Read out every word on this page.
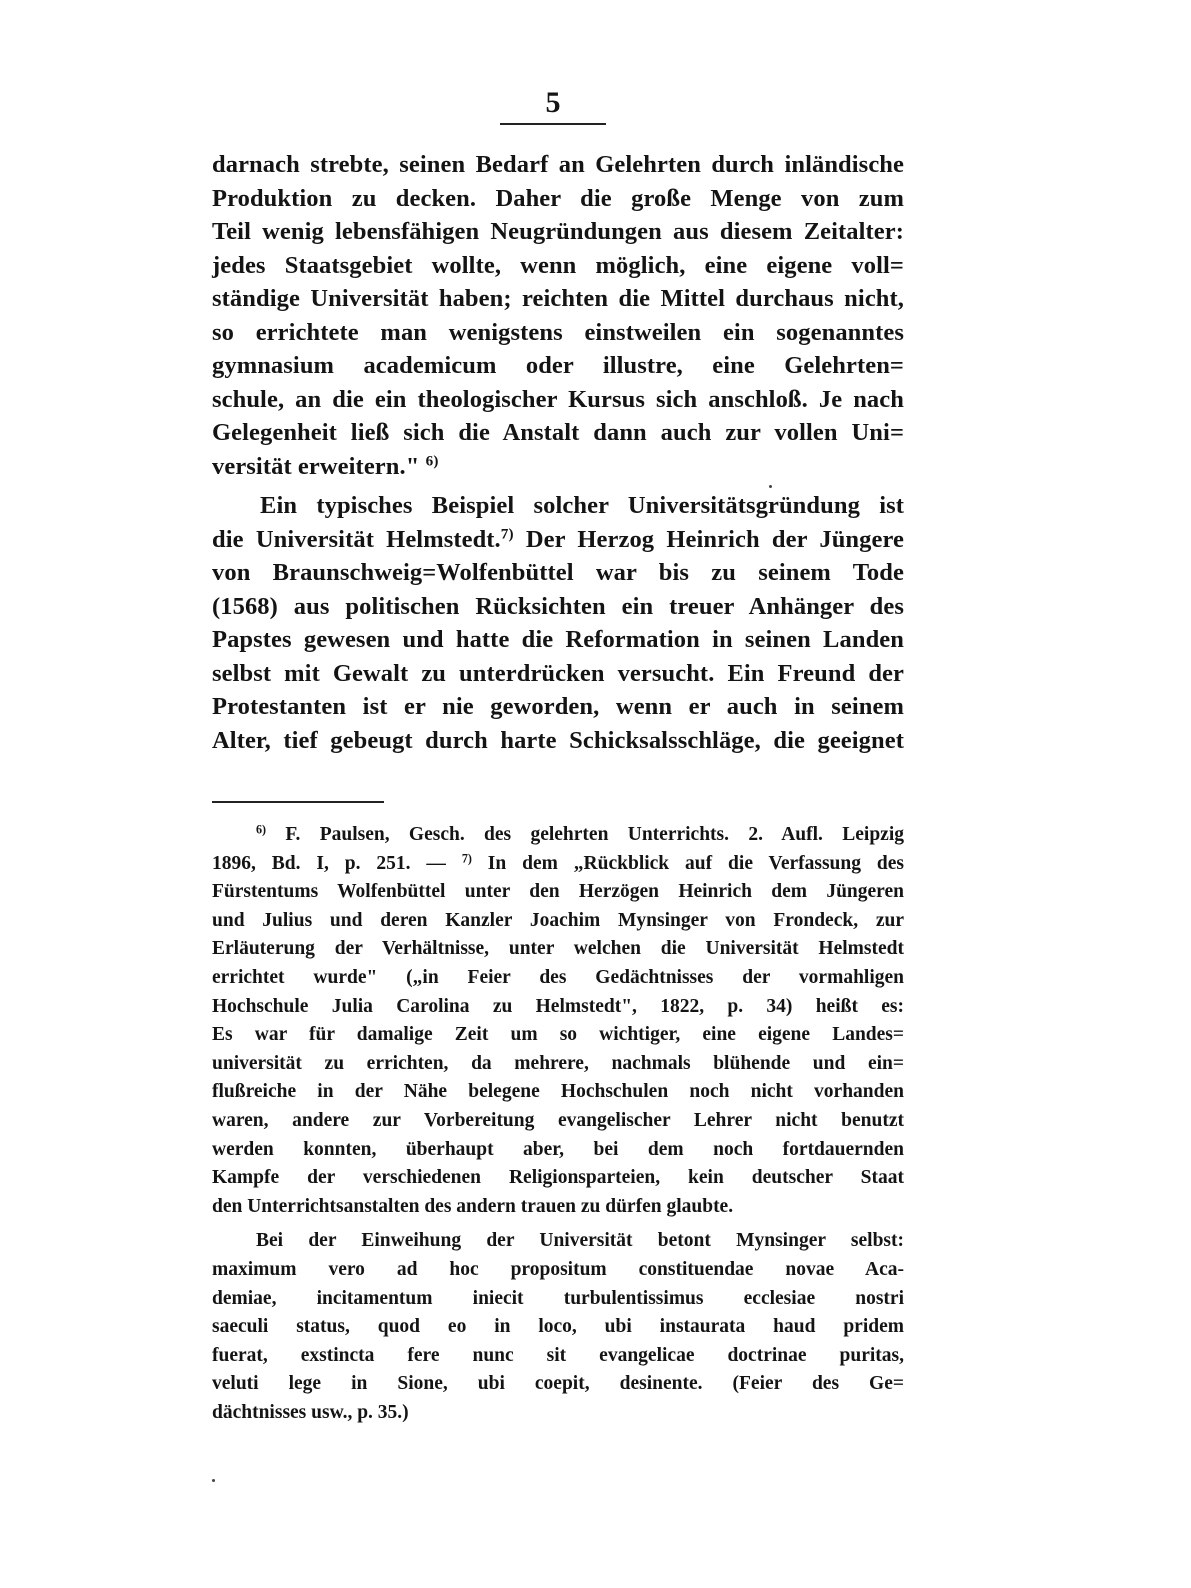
5
darnach strebte, seinen Bedarf an Gelehrten durch inländische
Produktion zu decken. Daher die große Menge von zum
Teil wenig lebensfähigen Neugründungen aus diesem Zeitalter:
jedes Staatsgebiet wollte, wenn möglich, eine eigene voll=
ständige Universität haben; reichten die Mittel durchaus nicht,
so errichtete man wenigstens einstweilen ein sogenanntes
gymnasium academicum oder illustre, eine Gelehrten=
schule, an die ein theologischer Kursus sich anschloß. Je nach
Gelegenheit ließ sich die Anstalt dann auch zur vollen Uni=
versität erweitern." $^{6)}$
Ein typisches Beispiel solcher Universitätsgründung ist
die Universität Helmstedt.$^{7)}$ Der Herzog Heinrich der Jüngere
von Braunschweig=Wolfenbüttel war bis zu seinem Tode
(1568) aus politischen Rücksichten ein treuer Anhänger des
Papstes gewesen und hatte die Reformation in seinen Landen
selbst mit Gewalt zu unterdrücken versucht. Ein Freund der
Protestanten ist er nie geworden, wenn er auch in seinem
Alter, tief gebeugt durch harte Schicksalsschläge, die geeignet
$^{6)}$ F. Paulsen, Gesch. des gelehrten Unterrichts. 2. Aufl. Leipzig
1896, Bd. I, p. 251. — $^{7)}$ In dem „Rückblick auf die Verfassung des
Fürstentums Wolfenbüttel unter den Herzögen Heinrich dem Jüngeren
und Julius und deren Kanzler Joachim Mynsinger von Frondeck, zur
Erläuterung der Verhältnisse, unter welchen die Universität Helmstedt
errichtet wurde" („in Feier des Gedächtnisses der vormahligen
Hochschule Julia Carolina zu Helmstedt", 1822, p. 34) heißt es:
Es war für damalige Zeit um so wichtiger, eine eigene Landes=
universität zu errichten, da mehrere, nachmals blühende und ein=
flußreiche in der Nähe belegene Hochschulen noch nicht vorhanden
waren, andere zur Vorbereitung evangelischer Lehrer nicht benutzt
werden konnten, überhaupt aber, bei dem noch fortdauernden
Kampfe der verschiedenen Religionsparteien, kein deutscher Staat
den Unterrichtsanstalten des andern trauen zu dürfen glaubte.
Bei der Einweihung der Universität betont Mynsinger selbst:
maximum vero ad hoc propositum constituendae novae Aca-
demiae, incitamentum iniecit turbulentissimus ecclesiae nostri
saeculi status, quod eo in loco, ubi instaurata haud pridem
fuerat, exstincta fere nunc sit evangelicae doctrinae puritas,
veluti lege in Sione, ubi coepit, desinente. (Feier des Ge=
dächtnisses usw., p. 35.)
